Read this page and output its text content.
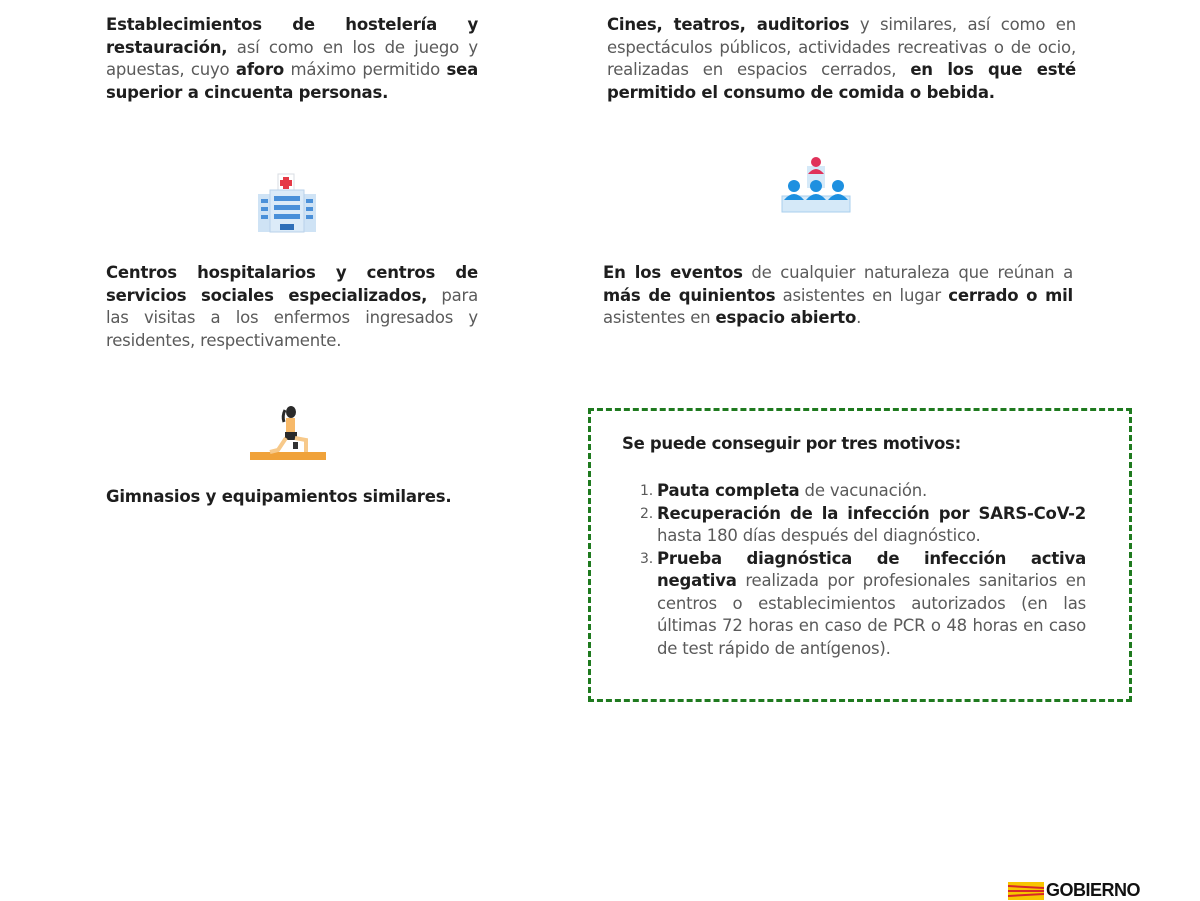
Establecimientos de hostelería y restauración, así como en los de juego y apuestas, cuyo aforo máximo permitido sea superior a cincuenta personas.
Cines, teatros, auditorios y similares, así como en espectáculos públicos, actividades recreativas o de ocio, realizadas en espacios cerrados, en los que esté permitido el consumo de comida o bebida.
Centros hospitalarios y centros de servicios sociales especializados, para las visitas a los enfermos ingresados y residentes, respectivamente.
En los eventos de cualquier naturaleza que reúnan a más de quinientos asistentes en lugar cerrado o mil asistentes en espacio abierto.
Gimnasios y equipamientos similares.
Se puede conseguir por tres motivos:
1. Pauta completa de vacunación.
2. Recuperación de la infección por SARS-CoV-2 hasta 180 días después del diagnóstico.
3. Prueba diagnóstica de infección activa negativa realizada por profesionales sanitarios en centros o establecimientos autorizados (en las últimas 72 horas en caso de PCR o 48 horas en caso de test rápido de antígenos).
GOBIERNO
